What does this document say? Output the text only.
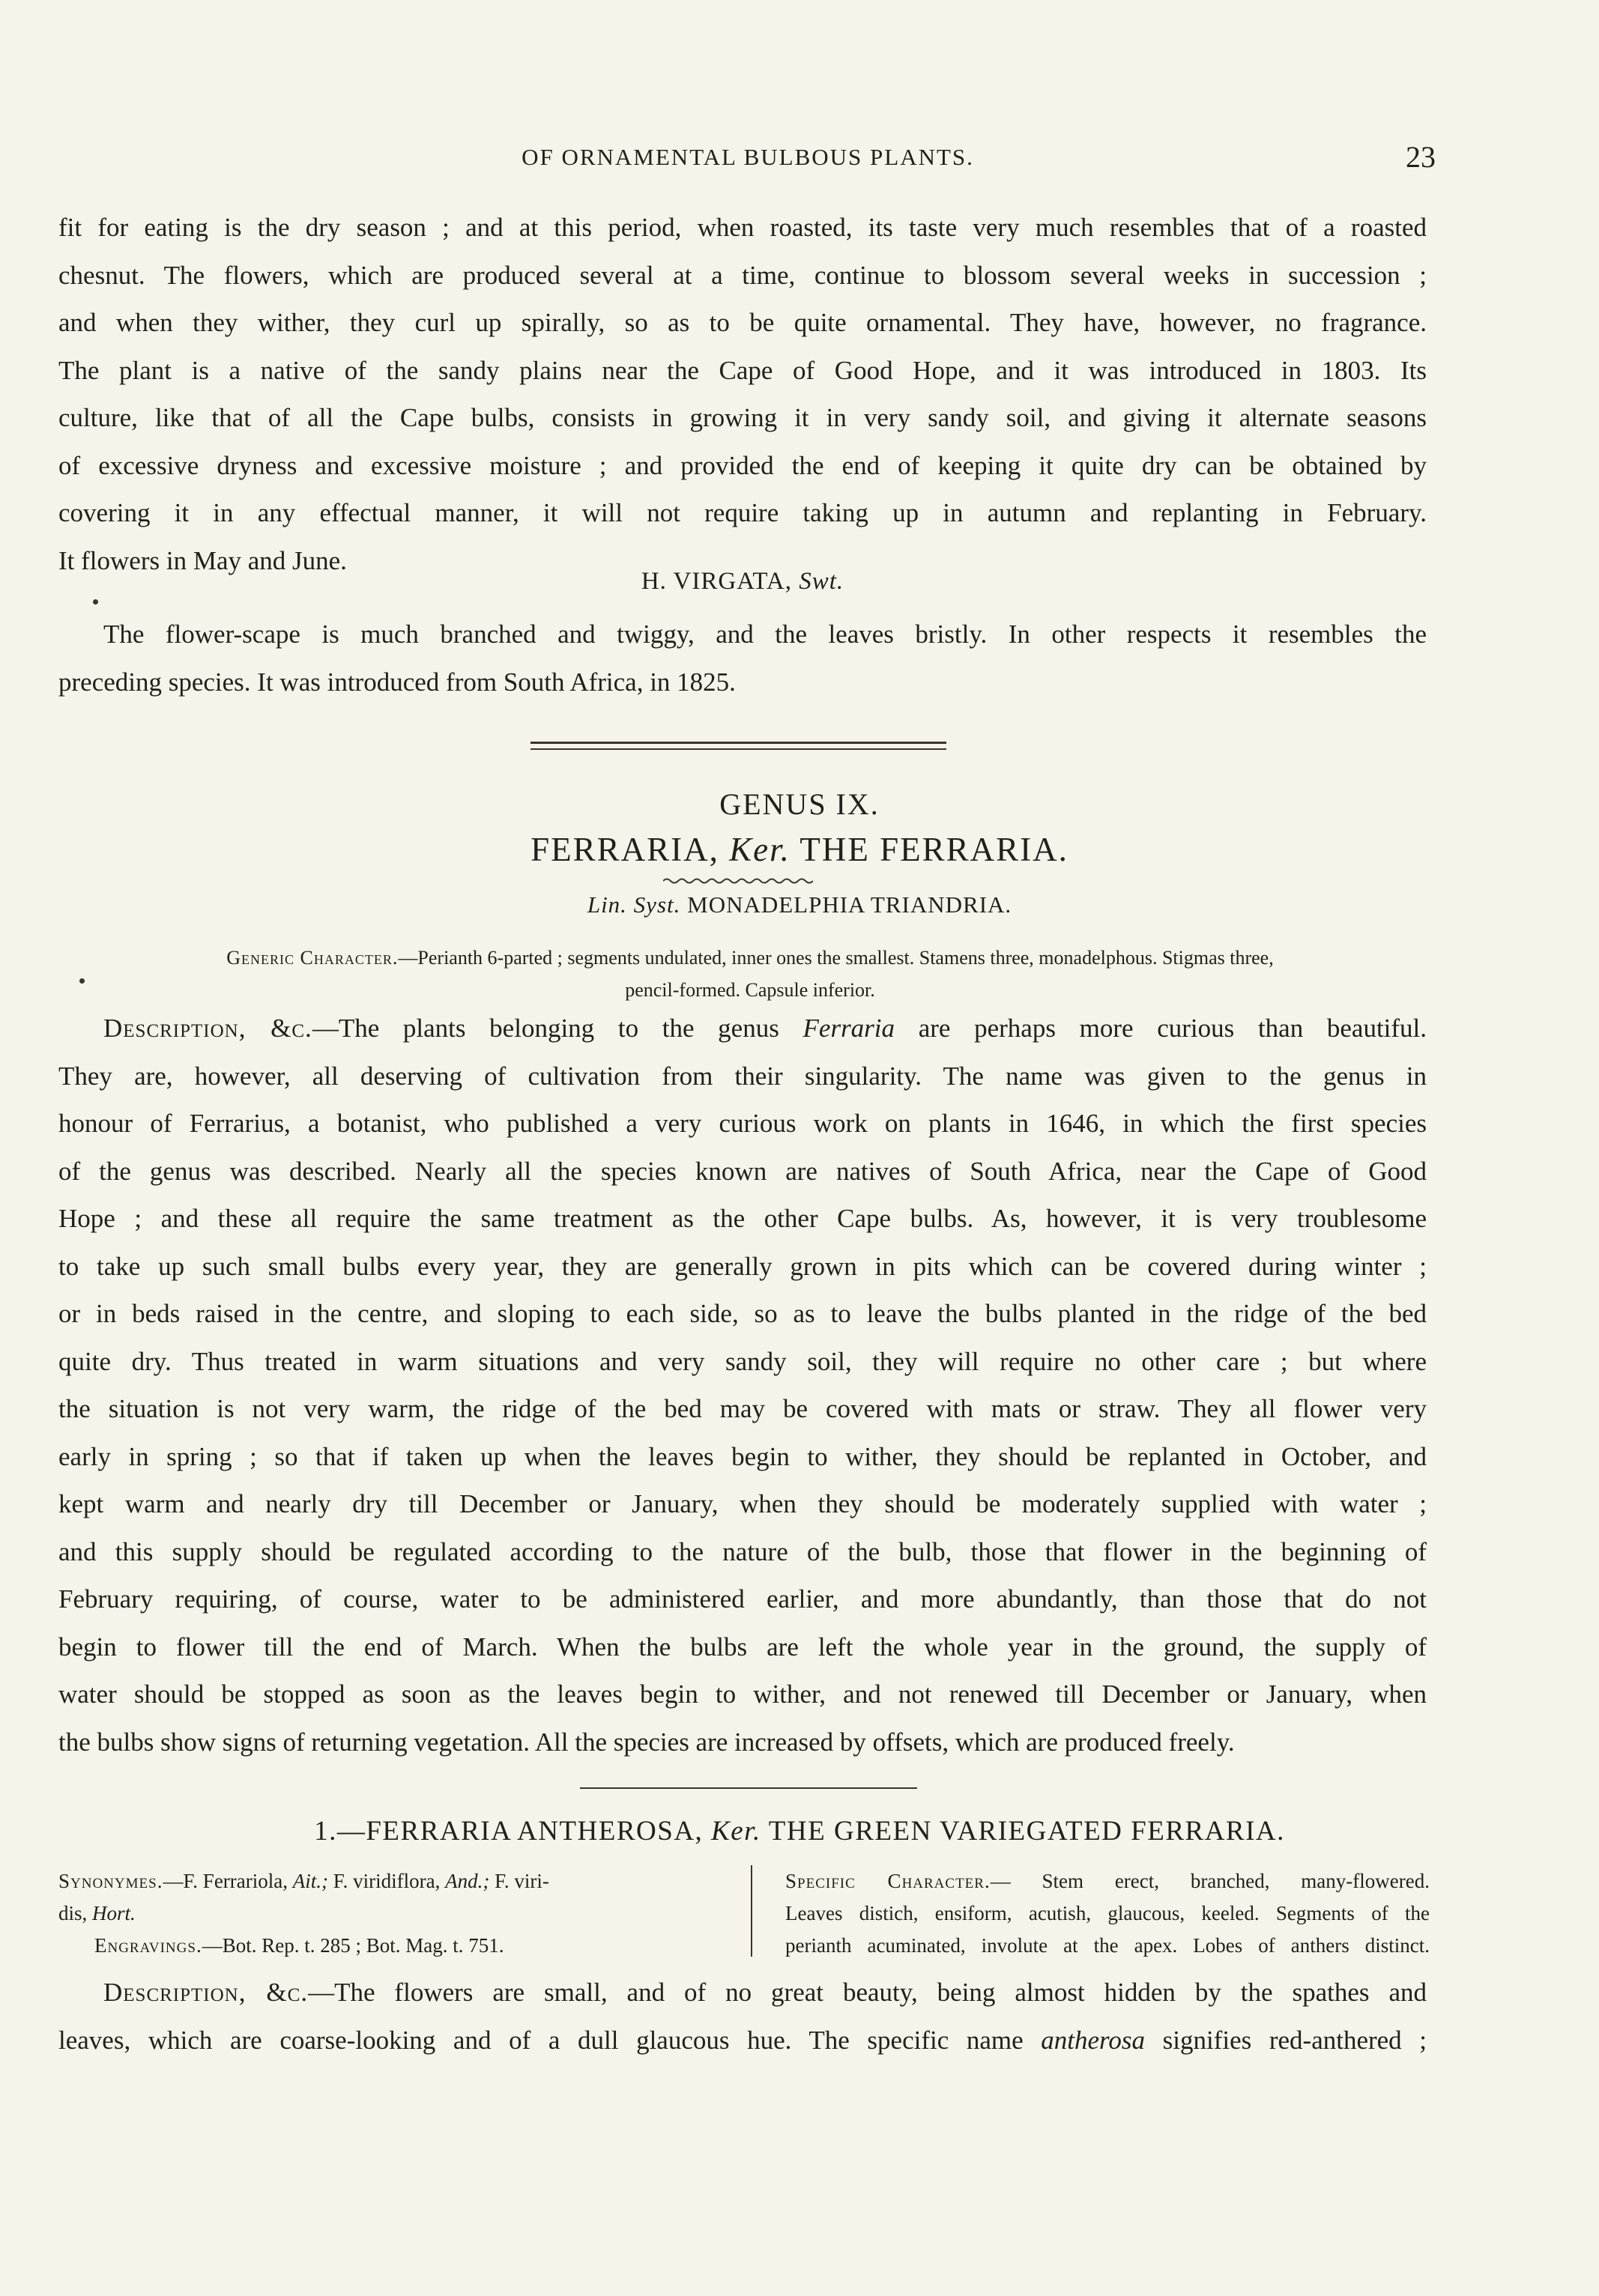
OF ORNAMENTAL BULBOUS PLANTS.	23

fit for eating is the dry season ; and at this period, when roasted, its taste very much resembles that of a roasted

chesnut. The flowers, which are produced several at a time, continue to blossom several weeks in succession ;

and when they wither, they curl up spirally, so as to be quite ornamental. They have, however, no fragrance.

The plant is a native of the sandy plains near the Cape of Good Hope, and it was introduced in 1803. Its

culture, like that of all the Cape bulbs, consists in growing it in very sandy soil, and giving it alternate seasons

of excessive dryness and excessive moisture ; and provided the end of keeping it quite dry can be obtained by

covering it in any effectual manner, it will not require taking up in autumn and replanting in February.

It flowers in May and June.

H. VIRGATA, Swt.

The flower-scape is much branched and twiggy, and the leaves bristly. In other respects it resembles the

preceding species. It was introduced from South Africa, in 1825.

GENUS IX.
FERRARIA, Ker. THE FERRARIA.
Lin. Syst. MONADELPHIA TRIANDRIA.
Generic Character.—Perianth 6-parted ; segments undulated, inner ones the smallest. Stamens three, monadelphous. Stigmas three,
pencil-formed. Capsule inferior.

Description, &c.—The plants belonging to the genus Ferraria are perhaps more curious than beautiful.

They are, however, all deserving of cultivation from their singularity. The name was given to the genus in

honour of Ferrarius, a botanist, who published a very curious work on plants in 1646, in which the first species

of the genus was described. Nearly all the species known are natives of South Africa, near the Cape of Good

Hope ; and these all require the same treatment as the other Cape bulbs. As, however, it is very troublesome

to take up such small bulbs every year, they are generally grown in pits which can be covered during winter ;

or in beds raised in the centre, and sloping to each side, so as to leave the bulbs planted in the ridge of the bed

quite dry. Thus treated in warm situations and very sandy soil, they will require no other care ; but where

the situation is not very warm, the ridge of the bed may be covered with mats or straw. They all flower very

early in spring ; so that if taken up when the leaves begin to wither, they should be replanted in October, and

kept warm and nearly dry till December or January, when they should be moderately supplied with water ;

and this supply should be regulated according to the nature of the bulb, those that flower in the beginning of

February requiring, of course, water to be administered earlier, and more abundantly, than those that do not

begin to flower till the end of March. When the bulbs are left the whole year in the ground, the supply of

water should be stopped as soon as the leaves begin to wither, and not renewed till December or January, when

the bulbs show signs of returning vegetation. All the species are increased by offsets, which are produced freely.

1.—FERRARIA ANTHEROSA, Ker. THE GREEN VARIEGATED FERRARIA.

Synonymes.—F. Ferrariola, Ait.; F. viridiflora, And.; F. viri-
dis, Hort.

Engravings.—Bot. Rep. t. 285 ; Bot. Mag. t. 751.

Specific Character.— Stem erect, branched, many-flowered.

Leaves distich, ensiform, acutish, glaucous, keeled. Segments of the

perianth acuminated, involute at the apex. Lobes of anthers distinct.

Description, &c.—The flowers are small, and of no great beauty, being almost hidden by the spathes and

leaves, which are coarse-looking and of a dull glaucous hue. The specific name antherosa signifies red-anthered ;
